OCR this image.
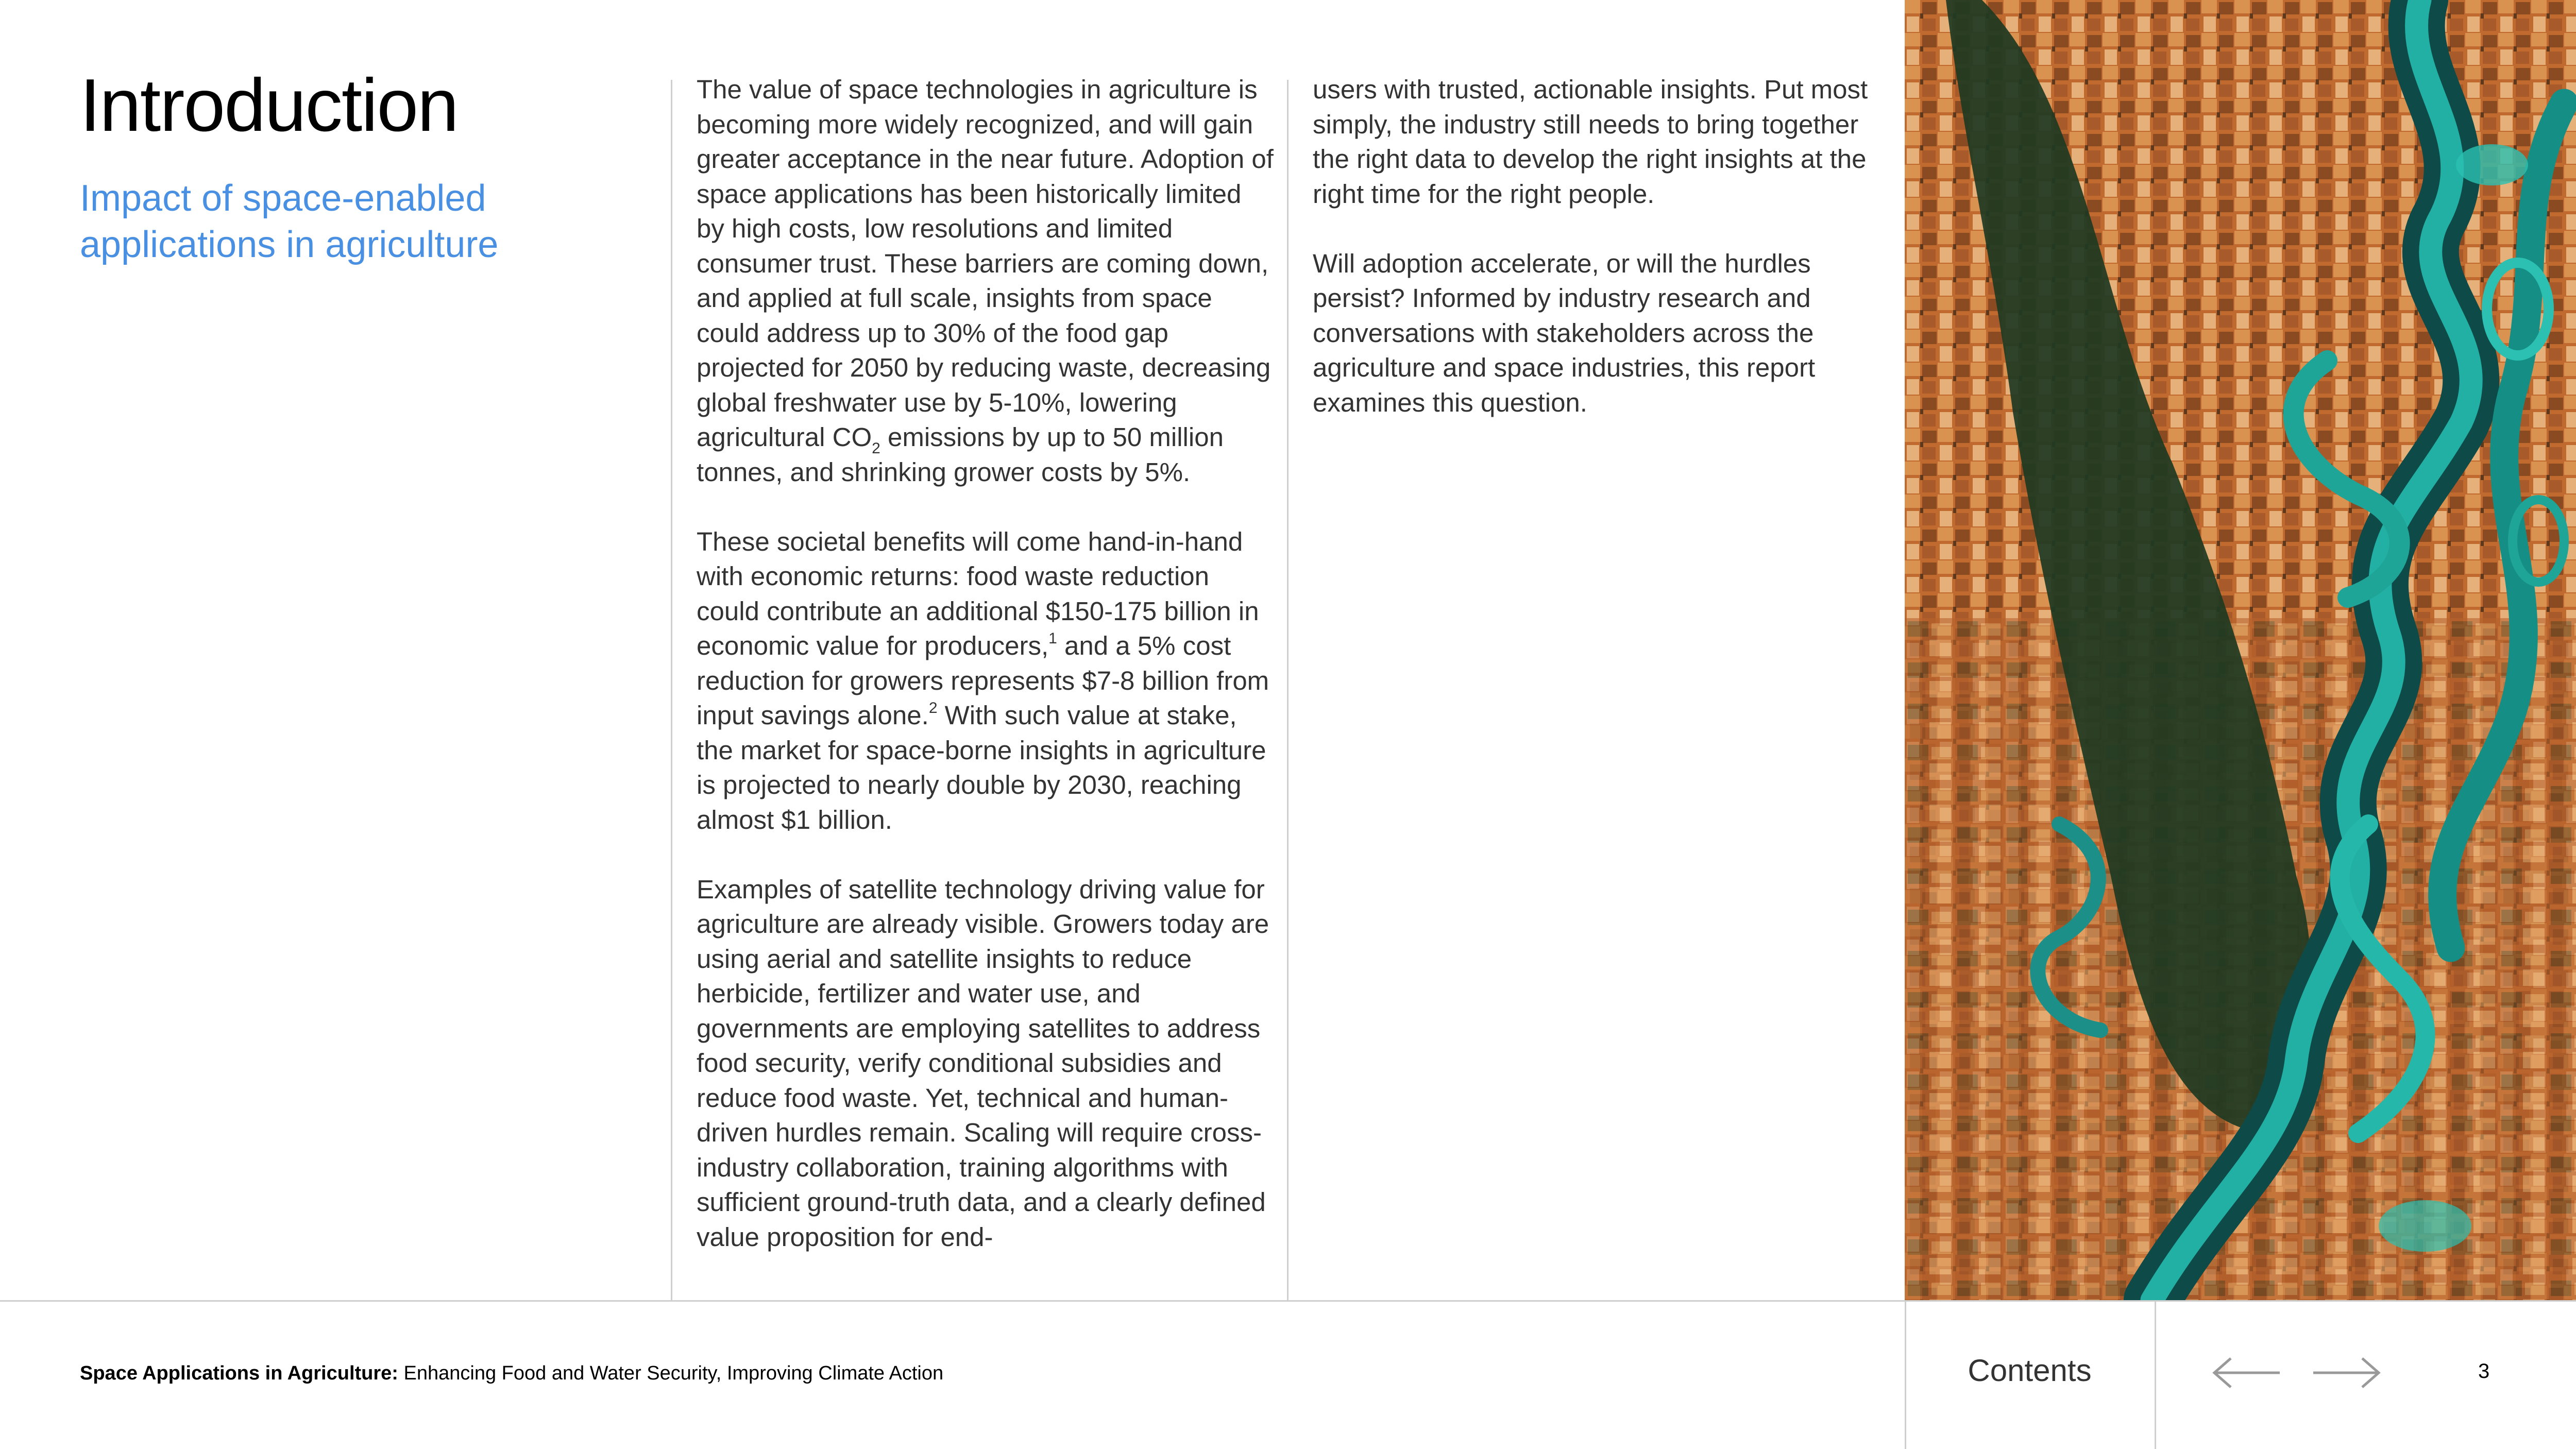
Introduction
Impact of space-enabled applications in agriculture

The value of space technologies in agriculture is becoming more widely recognized, and will gain greater acceptance in the near future. Adoption of space applications has been historically limited by high costs, low resolutions and limited consumer trust. These barriers are coming down, and applied at full scale, insights from space could address up to 30% of the food gap projected for 2050 by reducing waste, decreasing global freshwater use by 5-10%, lowering agricultural $CO_2$ emissions by up to 50 million tonnes, and shrinking grower costs by 5%.

These societal benefits will come hand-in-hand with economic returns: food waste reduction could contribute an additional $150-175 billion in economic value for producers,$^1$ and a 5% cost reduction for growers represents $7-8 billion from input savings alone.$^2$ With such value at stake, the market for space-borne insights in agriculture is projected to nearly double by 2030, reaching almost $1 billion.

Examples of satellite technology driving value for agriculture are already visible. Growers today are using aerial and satellite insights to reduce herbicide, fertilizer and water use, and governments are employing satellites to address food security, verify conditional subsidies and reduce food waste. Yet, technical and human-driven hurdles remain. Scaling will require cross-industry collaboration, training algorithms with sufficient ground-truth data, and a clearly defined value proposition for end-

users with trusted, actionable insights. Put most simply, the industry still needs to bring together the right data to develop the right insights at the right time for the right people.

Will adoption accelerate, or will the hurdles persist? Informed by industry research and conversations with stakeholders across the agriculture and space industries, this report examines this question.

Space Applications in Agriculture: Enhancing Food and Water Security, Improving Climate Action	Contents	3
